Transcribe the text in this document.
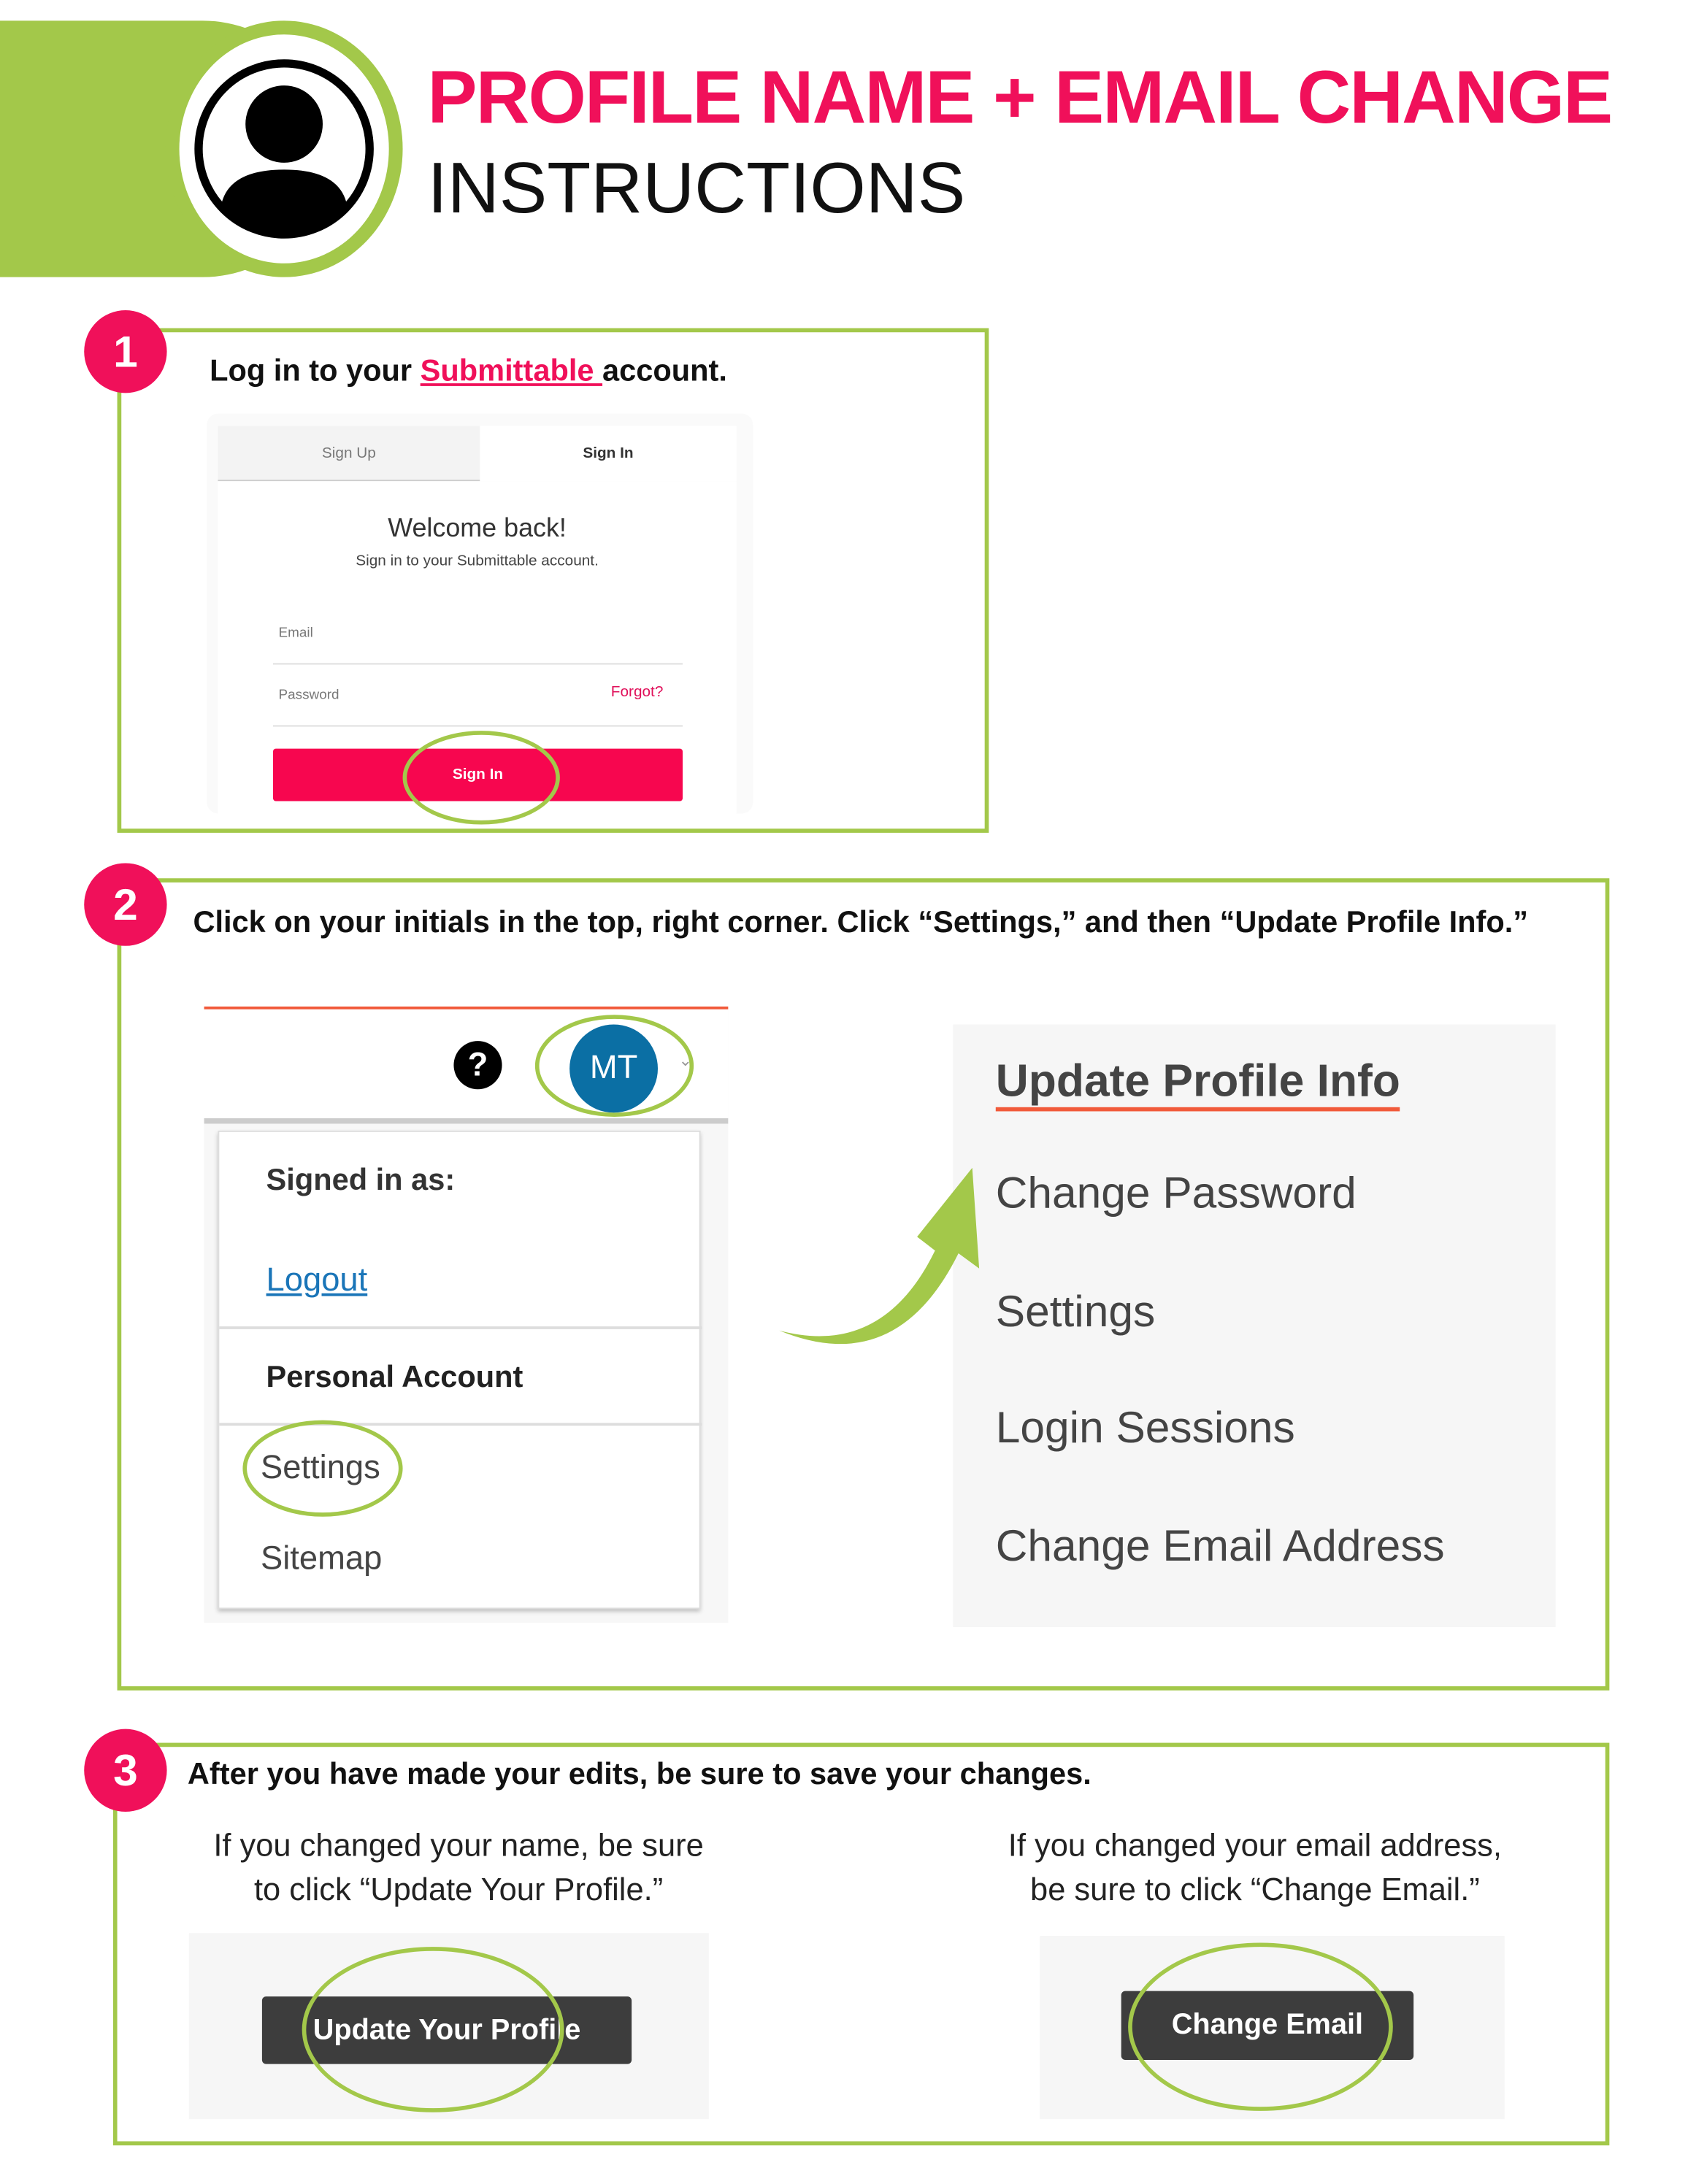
PROFILE NAME + EMAIL CHANGE
INSTRUCTIONS
1	Log in to your Submittable account.
Sign Up	Sign In
Welcome back!
Sign in to your Submittable account.
Email
Password	Forgot?
Sign In
2	Click on your initials in the top, right corner. Click “Settings,” and then “Update Profile Info.”
?	MT	⌄
Signed in as:
Logout
Personal Account
Settings
Sitemap
Update Profile Info
Change Password
Settings
Login Sessions
Change Email Address
3	After you have made your edits, be sure to save your changes.
If you changed your name, be sure
to click “Update Your Profile.”
If you changed your email address,
be sure to click “Change Email.”
Update Your Profile	Change Email
